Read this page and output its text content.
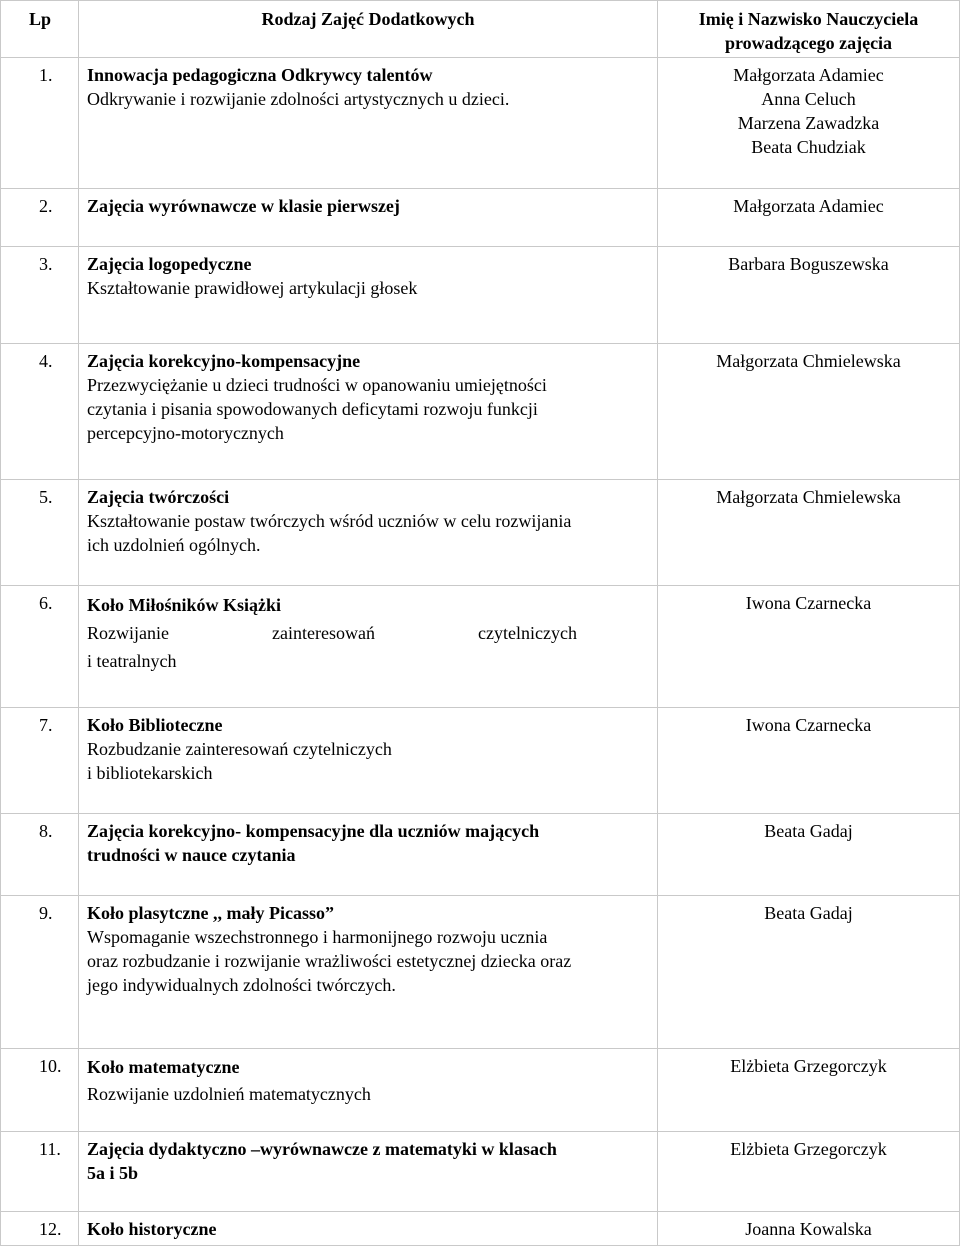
Lp	Rodzaj Zajęć Dodatkowych	Imię i Nazwisko Nauczyciela
prowadzącego zajęcia

1.	Innowacja pedagogiczna Odkrywcy talentów
Odkrywanie i rozwijanie zdolności artystycznych u dzieci.	Małgorzata Adamiec
Anna Celuch
Marzena Zawadzka
Beata Chudziak

2.	Zajęcia wyrównawcze w klasie pierwszej	Małgorzata Adamiec

3.	Zajęcia logopedyczne
Kształtowanie prawidłowej artykulacji głosek	Barbara Boguszewska

4.	Zajęcia korekcyjno-kompensacyjne
Przezwyciężanie u dzieci trudności w opanowaniu umiejętności
czytania i pisania spowodowanych deficytami rozwoju funkcji
percepcyjno-motorycznych	Małgorzata Chmielewska

5.	Zajęcia twórczości
Kształtowanie postaw twórczych wśród uczniów w celu rozwijania
ich uzdolnień ogólnych.	Małgorzata Chmielewska

6.	Koło Miłośników Książki
Rozwijanie zainteresowań czytelniczych
i teatralnych	Iwona Czarnecka

7.	Koło Biblioteczne
Rozbudzanie zainteresowań czytelniczych
i bibliotekarskich	Iwona Czarnecka

8.	Zajęcia korekcyjno- kompensacyjne dla uczniów mających
trudności w nauce czytania	Beata Gadaj

9.	Koło plasytczne ,, mały Picasso”
Wspomaganie wszechstronnego i harmonijnego rozwoju ucznia
oraz rozbudzanie i rozwijanie wrażliwości estetycznej dziecka oraz
jego indywidualnych zdolności twórczych.	Beata Gadaj

10.	Koło matematyczne
Rozwijanie uzdolnień matematycznych	Elżbieta Grzegorczyk

11.	Zajęcia dydaktyczno –wyrównawcze z matematyki w klasach
5a i 5b	Elżbieta Grzegorczyk

12.	Koło historyczne	Joanna Kowalska
